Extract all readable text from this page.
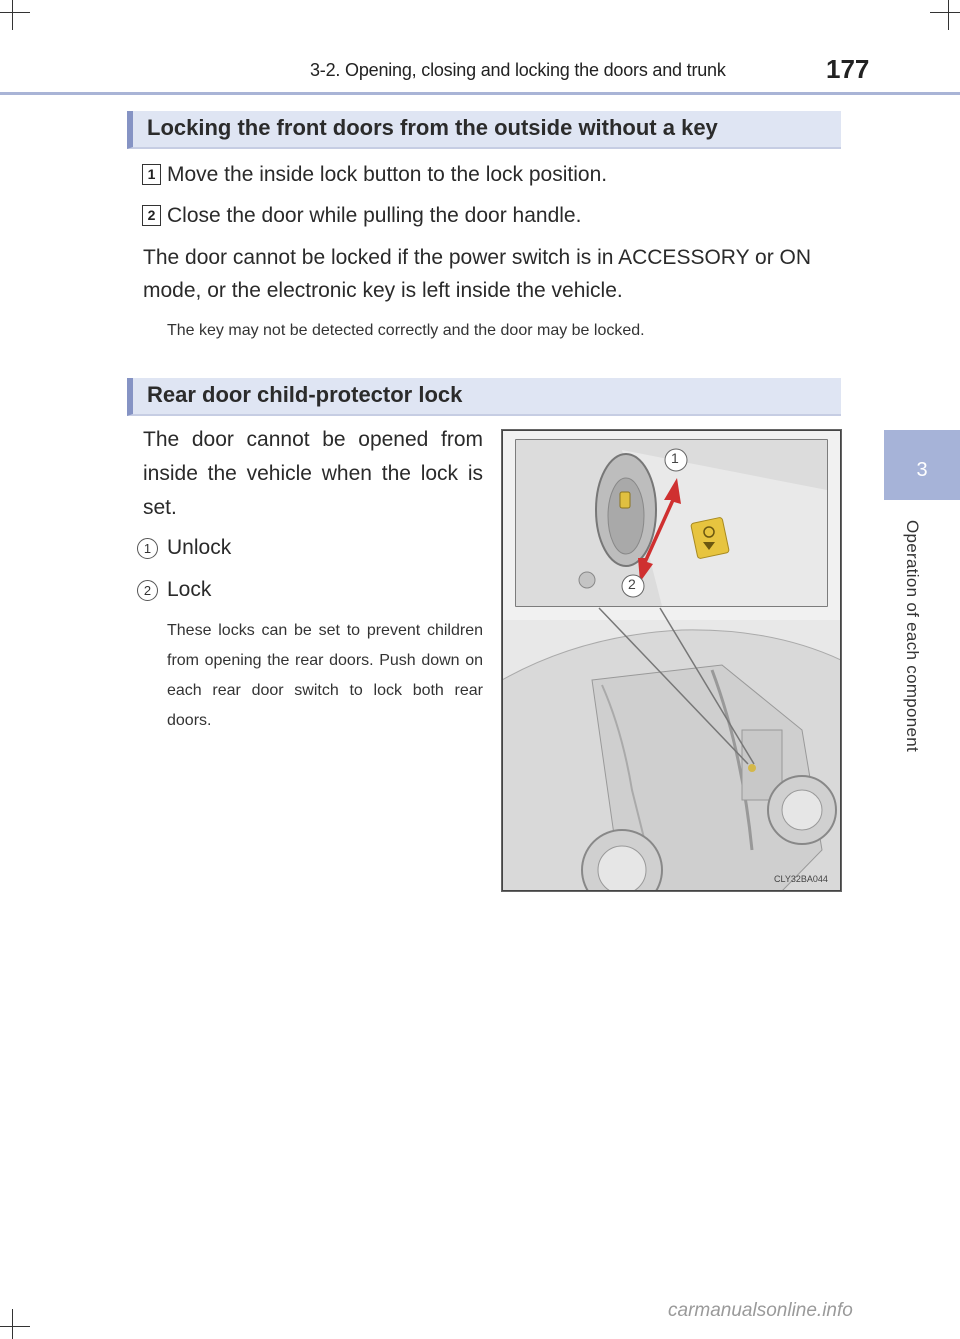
3-2. Opening, closing and locking the doors and trunk	177
3
Operation of each component
Locking the front doors from the outside without a key
1 Move the inside lock button to the lock position.
2 Close the door while pulling the door handle.
The door cannot be locked if the power switch is in ACCESSORY or ON mode, or the electronic key is left inside the vehicle.
The key may not be detected correctly and the door may be locked.
Rear door child-protector lock
The door cannot be opened from inside the vehicle when the lock is set.
1 Unlock
2 Lock
These locks can be set to prevent children from opening the rear doors. Push down on each rear door switch to lock both rear doors.
1
2
CLY32BA044
carmanualsonline.info
